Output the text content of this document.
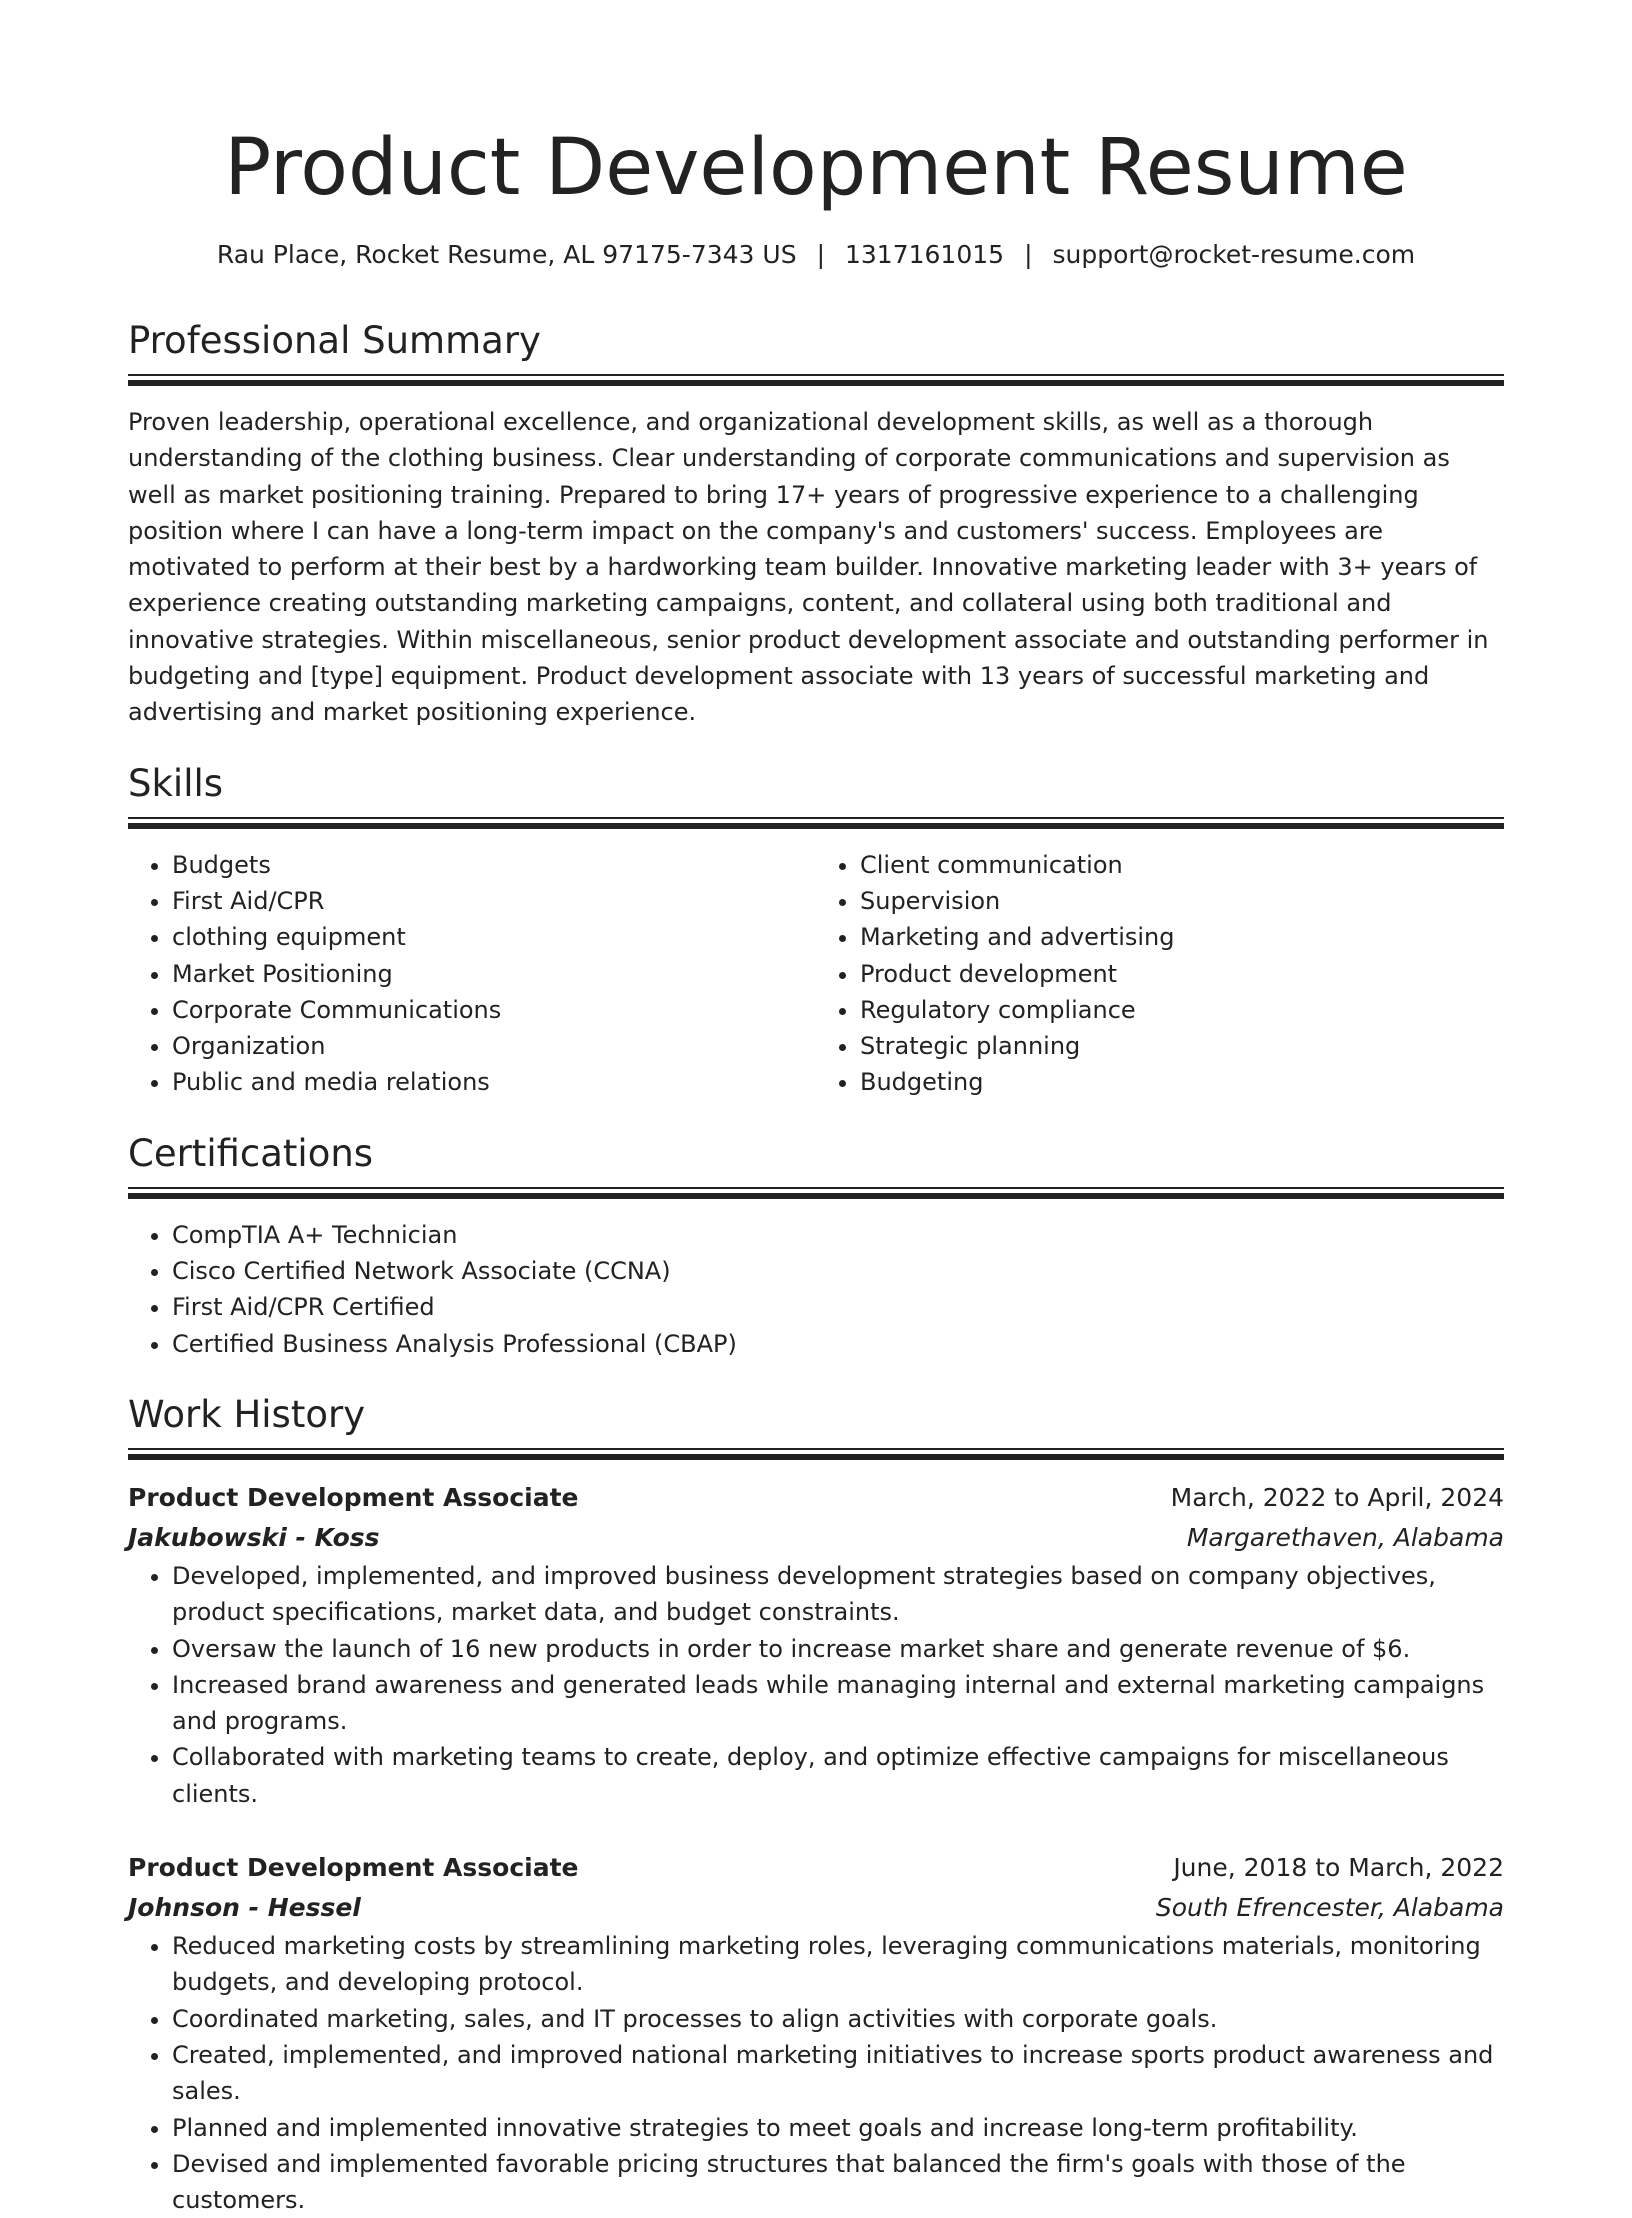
Product Development Resume
Rau Place, Rocket Resume, AL 97175-7343 US | 1317161015 | support@rocket-resume.com
Professional Summary

Proven leadership, operational excellence, and organizational development skills, as well as a thorough understanding of the clothing business. Clear understanding of corporate communications and supervision as well as market positioning training. Prepared to bring 17+ years of progressive experience to a challenging position where I can have a long-term impact on the company's and customers' success. Employees are motivated to perform at their best by a hardworking team builder. Innovative marketing leader with 3+ years of experience creating outstanding marketing campaigns, content, and collateral using both traditional and innovative strategies. Within miscellaneous, senior product development associate and outstanding performer in budgeting and [type] equipment. Product development associate with 13 years of successful marketing and advertising and market positioning experience.

Skills
• Budgets
• First Aid/CPR
• clothing equipment
• Market Positioning
• Corporate Communications
• Organization
• Public and media relations
• Client communication
• Supervision
• Marketing and advertising
• Product development
• Regulatory compliance
• Strategic planning
• Budgeting
Certifications
• CompTIA A+ Technician
• Cisco Certified Network Associate (CCNA)
• First Aid/CPR Certified
• Certified Business Analysis Professional (CBAP)
Work History
Product Development Associate	March, 2022 to April, 2024
Jakubowski - Koss	Margarethaven, Alabama
• Developed, implemented, and improved business development strategies based on company objectives, product specifications, market data, and budget constraints.
• Oversaw the launch of 16 new products in order to increase market share and generate revenue of $6.
• Increased brand awareness and generated leads while managing internal and external marketing campaigns and programs.
• Collaborated with marketing teams to create, deploy, and optimize effective campaigns for miscellaneous clients.
Product Development Associate	June, 2018 to March, 2022
Johnson - Hessel	South Efrencester, Alabama
• Reduced marketing costs by streamlining marketing roles, leveraging communications materials, monitoring budgets, and developing protocol.
• Coordinated marketing, sales, and IT processes to align activities with corporate goals.
• Created, implemented, and improved national marketing initiatives to increase sports product awareness and sales.
• Planned and implemented innovative strategies to meet goals and increase long-term profitability.
• Devised and implemented favorable pricing structures that balanced the firm's goals with those of the customers.
